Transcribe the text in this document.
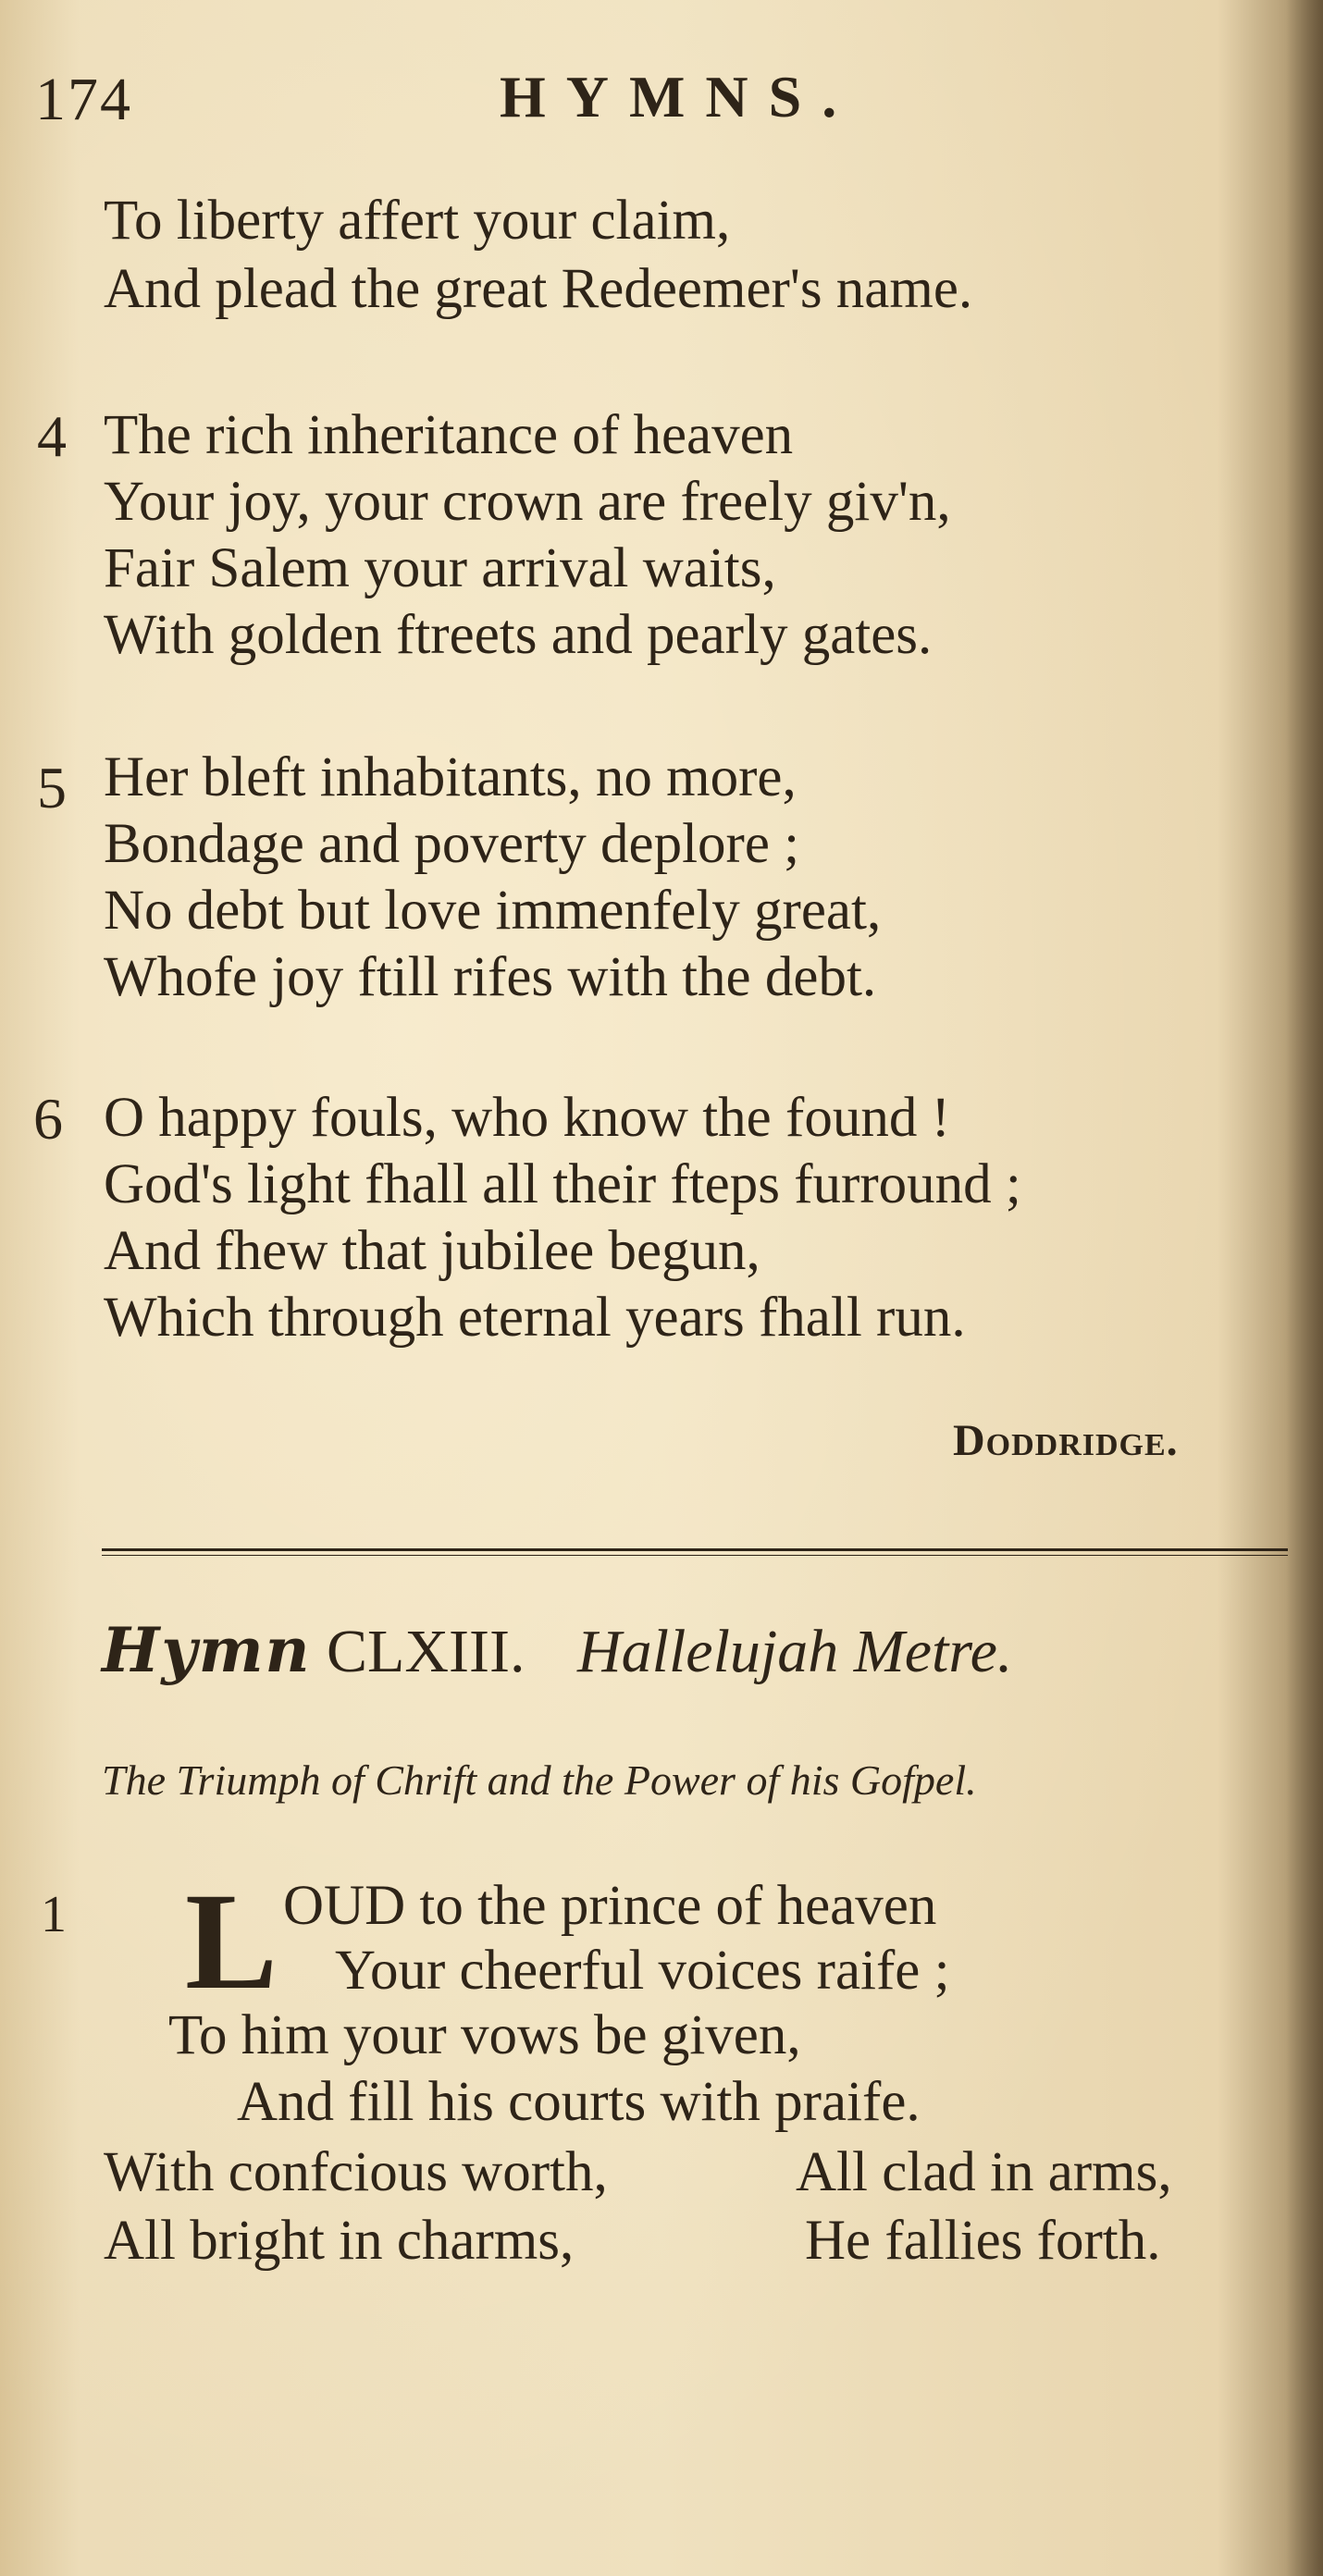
174	HYMNS.
To liberty affert your claim,
And plead the great Redeemer's name.
4 The rich inheritance of heaven
Your joy, your crown are freely giv'n,
Fair Salem your arrival waits,
With golden ftreets and pearly gates.
5 Her bleft inhabitants, no more,
Bondage and poverty deplore ;
No debt but love immenfely great,
Whofe joy ftill rifes with the debt.
6 O happy fouls, who know the found !
God's light fhall all their fteps furround ;
And fhew that jubilee begun,
Which through eternal years fhall run.
Doddridge.
Hymn CLXIII. Hallelujah Metre.
The Triumph of Chrift and the Power of his Gofpel.
1 L OUD to the prince of heaven
Your cheerful voices raife ;
To him your vows be given,
And fill his courts with praife.
With confcious worth,	All clad in arms,
All bright in charms,	He fallies forth.
